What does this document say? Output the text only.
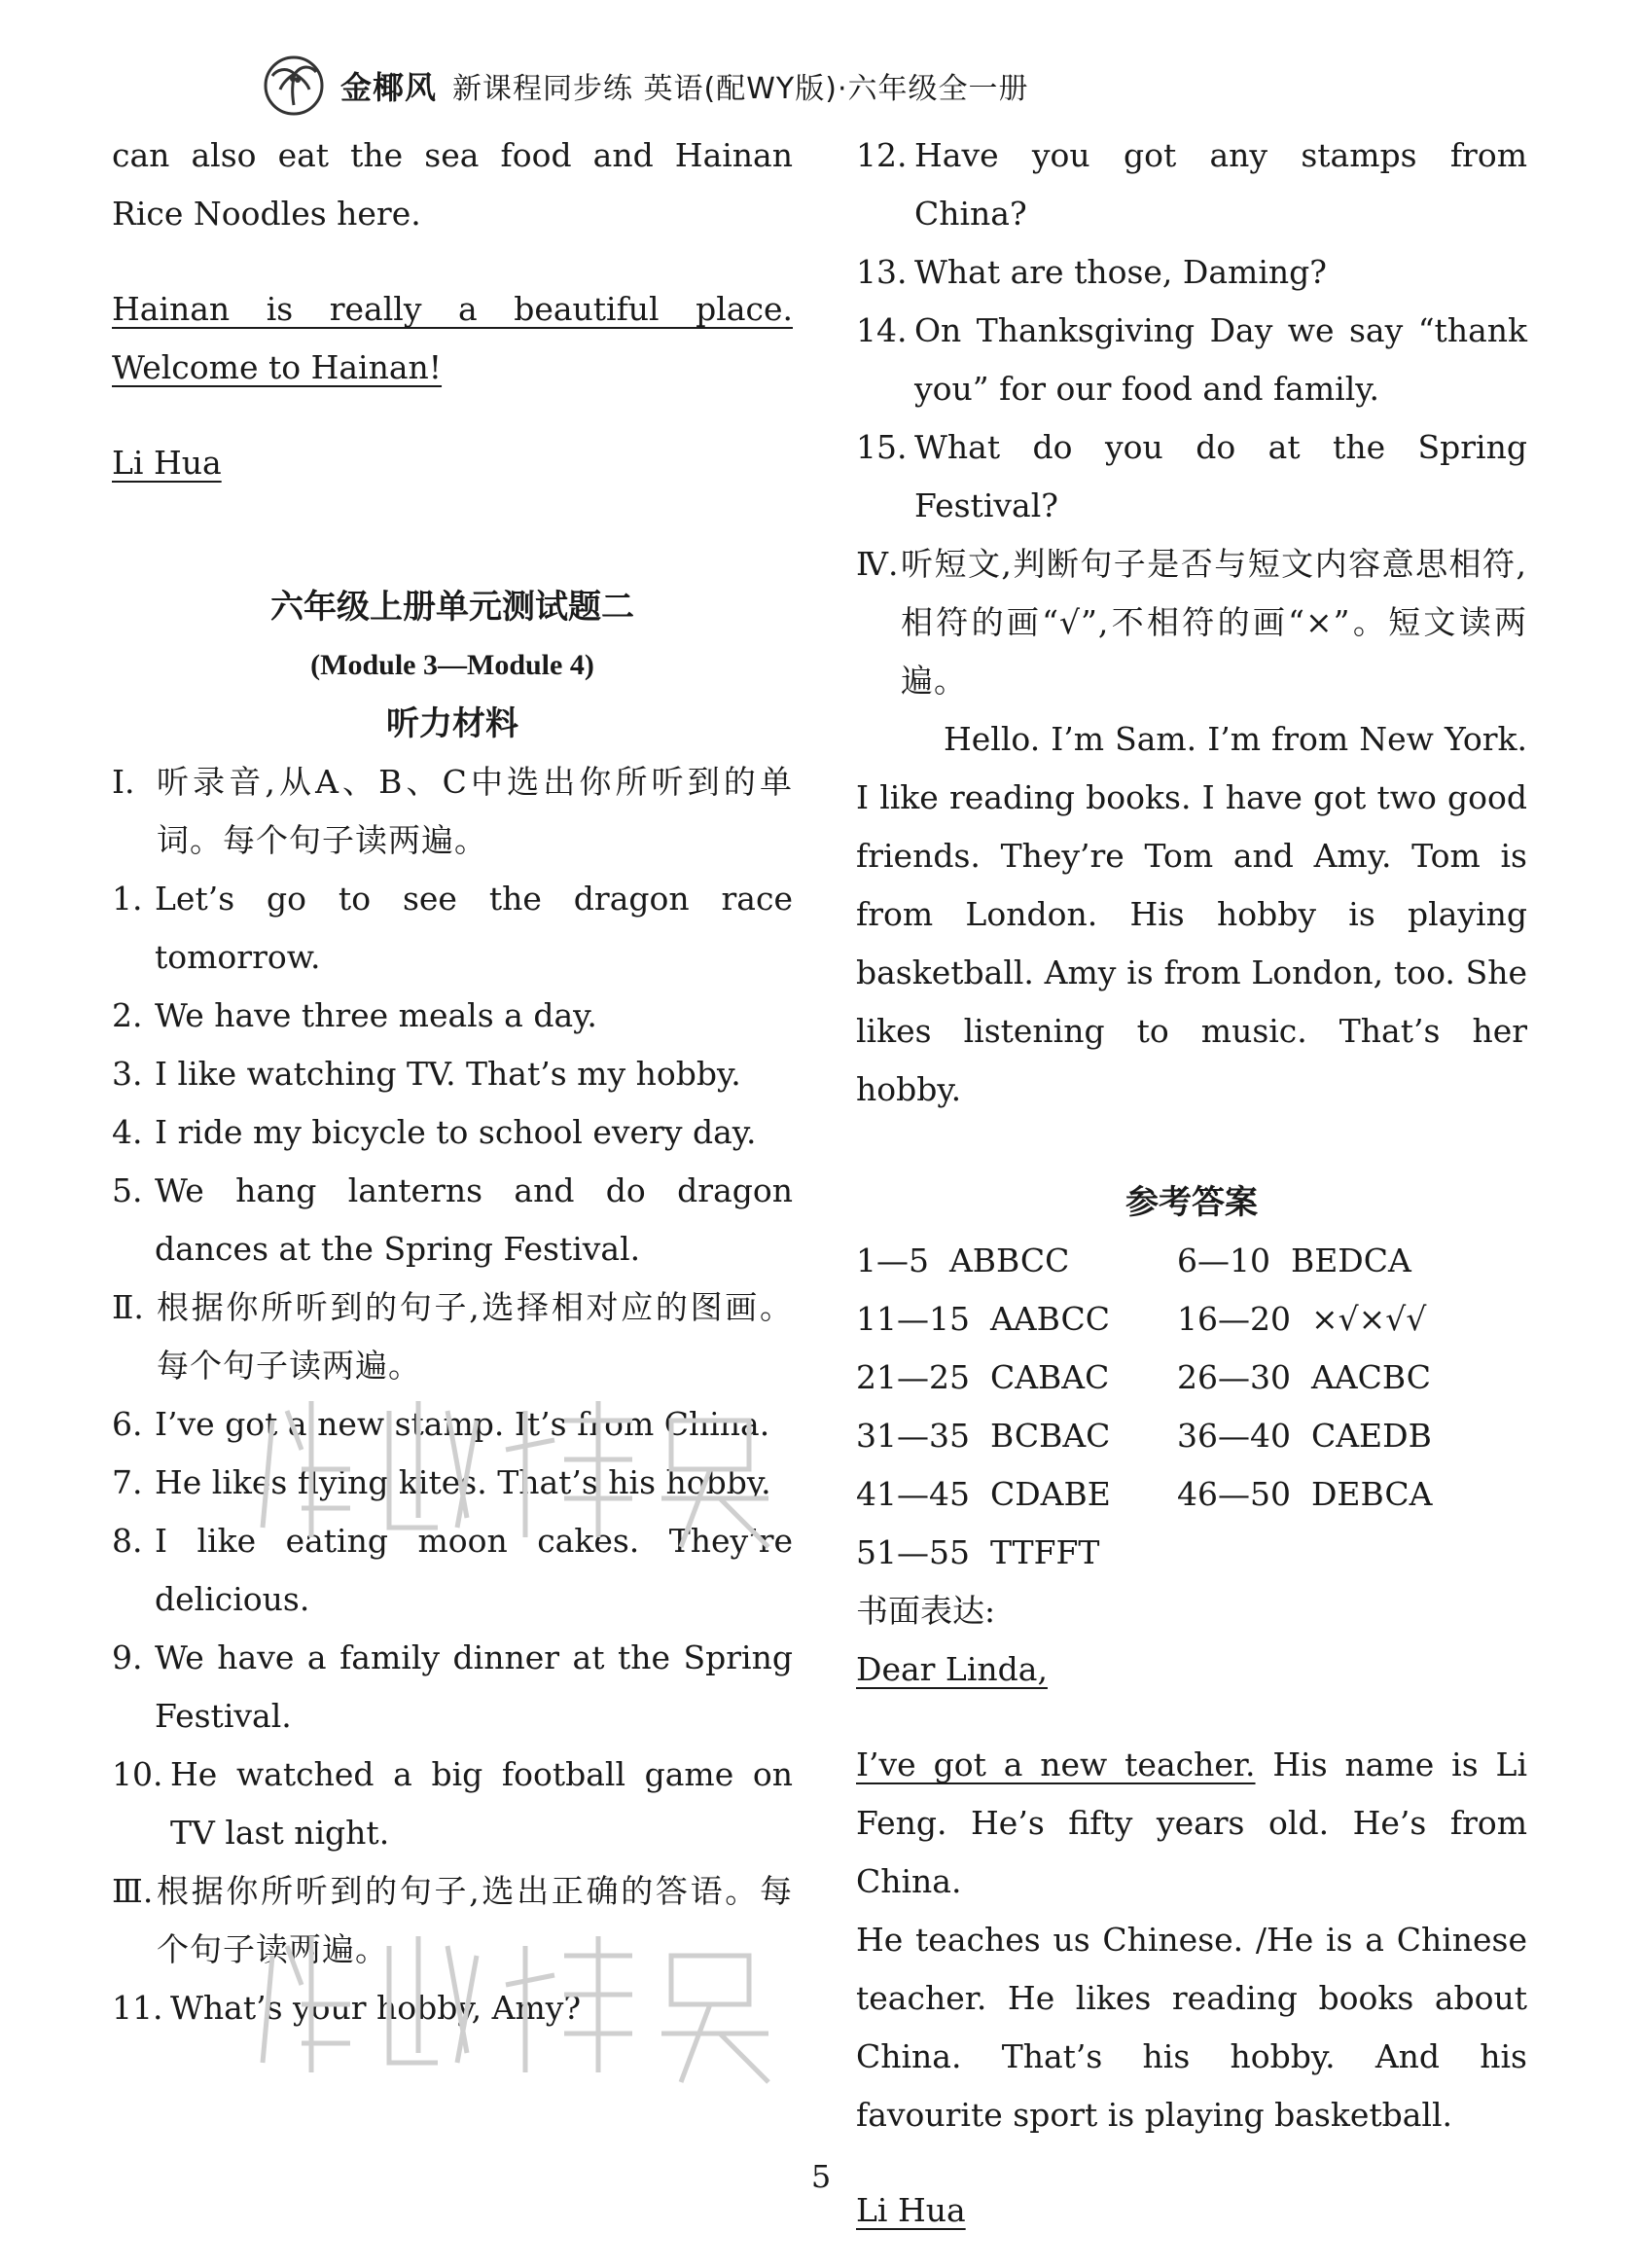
金椰风 新课程同步练 英语(配WY版)·六年级全一册

can also eat the sea food and Hainan Rice Noodles here.

Hainan is really a beautiful place. Welcome to Hainan!

Li Hua

六年级上册单元测试题二

(Module 3—Module 4)

听力材料

Ⅰ. 听录音,从A、B、C中选出你所听到的单词。每个句子读两遍。
1. Let’s go to see the dragon race tomorrow.
2. We have three meals a day.
3. I like watching TV. That’s my hobby.
4. I ride my bicycle to school every day.
5. We hang lanterns and do dragon dances at the Spring Festival.
Ⅱ. 根据你所听到的句子,选择相对应的图画。每个句子读两遍。
6. I’ve got a new stamp. It’s from China.
7. He likes flying kites. That’s his hobby.
8. I like eating moon cakes. They’re delicious.
9. We have a family dinner at the Spring Festival.
10. He watched a big football game on TV last night.
Ⅲ. 根据你所听到的句子,选出正确的答语。每个句子读两遍。
11. What’s your hobby, Amy?
12. Have you got any stamps from China?
13. What are those, Daming?
14. On Thanksgiving Day we say “thank you” for our food and family.
15. What do you do at the Spring Festival?
Ⅳ. 听短文,判断句子是否与短文内容意思相符,相符的画“√”,不相符的画“×”。短文读两遍。

Hello. I’m Sam. I’m from New York. I like reading books. I have got two good friends. They’re Tom and Amy. Tom is from London. His hobby is playing basketball. Amy is from London, too. She likes listening to music. That’s her hobby.

参考答案

1—5  ABBCC	6—10  BEDCA
11—15  AABCC	16—20  ×√×√√
21—25  CABAC	26—30  AACBC
31—35  BCBAC	36—40  CAEDB
41—45  CDABE	46—50  DEBCA
51—55  TTFFT

书面表达:

Dear Linda,

I’ve got a new teacher. His name is Li Feng. He’s fifty years old. He’s from China.

He teaches us Chinese. /He is a Chinese teacher. He likes reading books about China. That’s his hobby. And his favourite sport is playing basketball.

Li Hua

5
